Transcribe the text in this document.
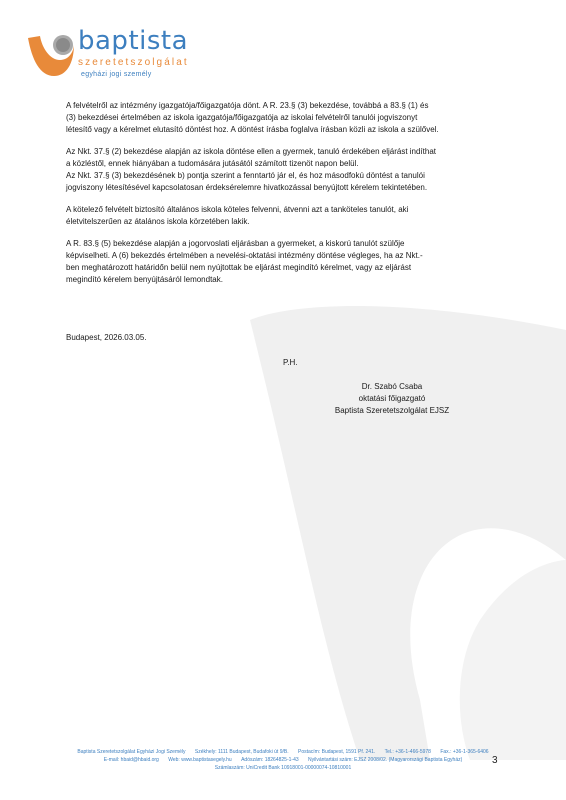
baptista
szeretetszolgálat
egyházi jogi személy

A felvételről az intézmény igazgatója/főigazgatója dönt. A R. 23.§ (3) bekezdése, továbbá a 83.§ (1) és
(3) bekezdései értelmében az iskola igazgatója/főigazgatója az iskolai felvételről tanulói jogviszonyt
létesítő vagy a kérelmet elutasító döntést hoz. A döntést írásba foglalva írásban közli az iskola a szülővel.

Az Nkt. 37.§ (2) bekezdése alapján az iskola döntése ellen a gyermek, tanuló érdekében eljárást indíthat
a közléstől, ennek hiányában a tudomására jutásától számított tizenöt napon belül.
Az Nkt. 37.§ (3) bekezdésének b) pontja szerint a fenntartó jár el, és hoz másodfokú döntést a tanulói
jogviszony létesítésével kapcsolatosan érdeksérelemre hivatkozással benyújtott kérelem tekintetében.

A kötelező felvételt biztosító általános iskola köteles felvenni, átvenni azt a tanköteles tanulót, aki
életvitelszerűen az átalános iskola körzetében lakik.

A R. 83.§ (5) bekezdése alapján a jogorvoslati eljárásban a gyermeket, a kiskorú tanulót szülője
képviselheti. A (6) bekezdés értelmében a nevelési-oktatási intézmény döntése végleges, ha az Nkt.-
ben meghatározott határidőn belül nem nyújtottak be eljárást megindító kérelmet, vagy az eljárást
megindító kérelem benyújtásáról lemondtak.

Budapest, 2026.03.05.
P.H.
Dr. Szabó Csaba
oktatási főigazgató
Baptista Szeretetszolgálat EJSZ
Baptista Szeretetszolgálat Egyházi Jogi Személy Székhely: 1111 Budapest, Budafoki út 9/B. Postacím: Budapest, 1591 Pf. 241. Tel.: +36-1-466-5978 Fax.: +36-1-365-6406
E-mail: hbaid@hbaid.org Web: www.baptistasegely.hu Adószám: 18264825-1-43 Nyilvántartási szám: EJSZ 2008/02. (Magyarországi Baptista Egyház)
Számlaszám: UniCredit Bank 10918001-00000074-10810001
3
